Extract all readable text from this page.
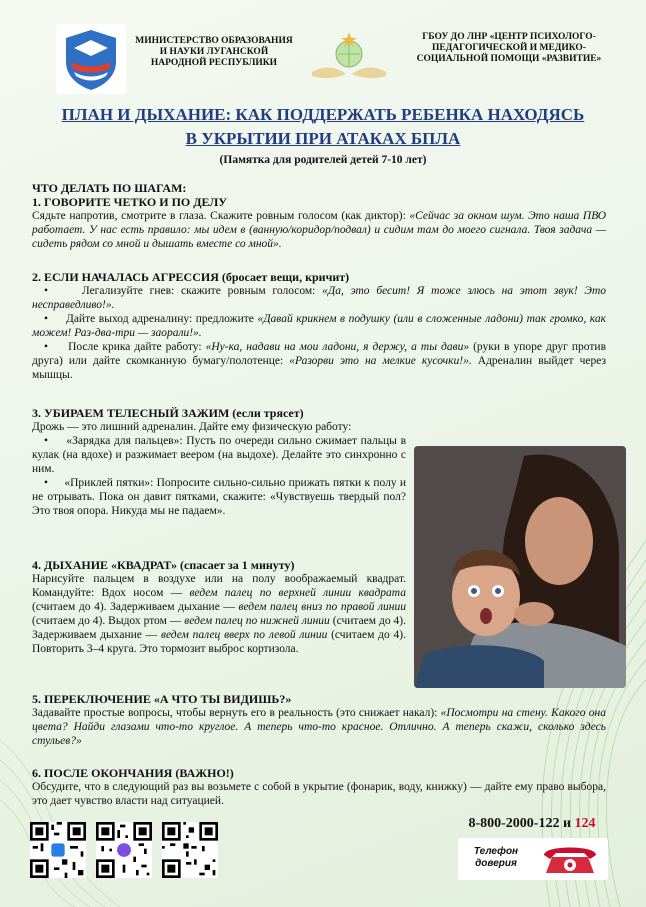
МИНИСТЕРСТВО ОБРАЗОВАНИЯ И НАУКИ ЛУГАНСКОЙ НАРОДНОЙ РЕСПУБЛИКИ
ГБОУ ДО ЛНР «ЦЕНТР ПСИХОЛОГО-ПЕДАГОГИЧЕСКОЙ И МЕДИКО-СОЦИАЛЬНОЙ ПОМОЩИ «РАЗВИТИЕ»
ПЛАН И ДЫХАНИЕ: КАК ПОДДЕРЖАТЬ РЕБЕНКА НАХОДЯСЬ
В УКРЫТИИ ПРИ АТАКАХ БПЛА
(Памятка для родителей детей 7-10 лет)
ЧТО ДЕЛАТЬ ПО ШАГАМ:
1. ГОВОРИТЕ ЧЕТКО И ПО ДЕЛУ
Сядьте напротив, смотрите в глаза. Скажите ровным голосом (как диктор): «Сейчас за окном шум. Это наша ПВО работает. У нас есть правило: мы идем в (ванную/коридор/подвал) и сидим там до моего сигнала. Твоя задача — сидеть рядом со мной и дышать вместе со мной».
2. ЕСЛИ НАЧАЛАСЬ АГРЕССИЯ (бросает вещи, кричит)
•     Легализуйте гнев: скажите ровным голосом: «Да, это бесит! Я тоже злюсь на этот звук! Это несправедливо!».
•     Дайте выход адреналину: предложите «Давай крикнем в подушку (или в сложенные ладони) так громко, как можем! Раз-два-три — заорали!».
•     После крика дайте работу: «Ну-ка, надави на мои ладони, я держу, а ты дави» (руки в упоре друг против друга) или дайте скомканную бумагу/полотенце: «Разорви это на мелкие кусочки!». Адреналин выйдет через мышцы.
3. УБИРАЕМ ТЕЛЕСНЫЙ ЗАЖИМ (если трясет)
Дрожь — это лишний адреналин. Дайте ему физическую работу:
•     «Зарядка для пальцев»: Пусть по очереди сильно сжимает пальцы в кулак (на вдохе) и разжимает веером (на выдохе). Делайте это синхронно с ним.
•     «Приклей пятки»: Попросите сильно-сильно прижать пятки к полу и не отрывать. Пока он давит пятками, скажите: «Чувствуешь твердый пол? Это твоя опора. Никуда мы не падаем».
4. ДЫХАНИЕ «КВАДРАТ» (спасает за 1 минуту)
Нарисуйте пальцем в воздухе или на полу воображаемый квадрат. Командуйте: Вдох носом — ведем палец по верхней линии квадрата (считаем до 4). Задерживаем дыхание — ведем палец вниз по правой линии (считаем до 4). Выдох ртом — ведем палец по нижней линии (считаем до 4). Задерживаем дыхание — ведем палец вверх по левой линии (считаем до 4). Повторить 3–4 круга. Это тормозит выброс кортизола.
5. ПЕРЕКЛЮЧЕНИЕ «А ЧТО ТЫ ВИДИШЬ?»
Задавайте простые вопросы, чтобы вернуть его в реальность (это снижает накал): «Посмотри на стену. Какого она цвета? Найди глазами что-то круглое. А теперь что-то красное. Отлично. А теперь скажи, сколько здесь стульев?»
6. ПОСЛЕ ОКОНЧАНИЯ (ВАЖНО!)
Обсудите, что в следующий раз вы возьмете с собой в укрытие (фонарик, воду, книжку) — дайте ему право выбора, это дает чувство власти над ситуацией.
8-800-2000-122 и 124
Телефон доверия
